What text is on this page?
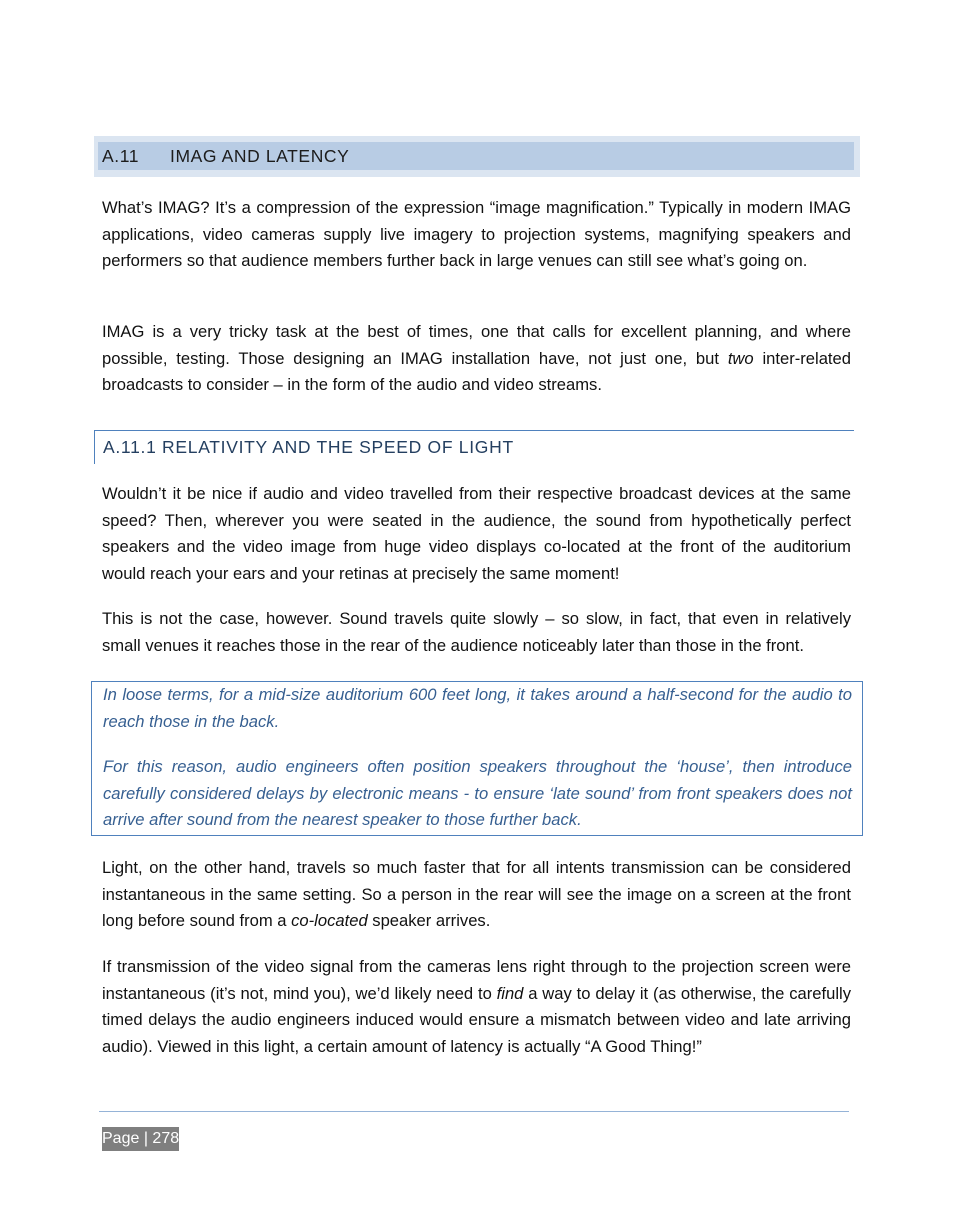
A.11 IMAG AND LATENCY

What’s IMAG? It’s a compression of the expression “image magnification.” Typically in modern IMAG applications, video cameras supply live imagery to projection systems, magnifying speakers and performers so that audience members further back in large venues can still see what’s going on.

IMAG is a very tricky task at the best of times, one that calls for excellent planning, and where possible, testing. Those designing an IMAG installation have, not just one, but two inter-related broadcasts to consider – in the form of the audio and video streams.

A.11.1 RELATIVITY AND THE SPEED OF LIGHT

Wouldn’t it be nice if audio and video travelled from their respective broadcast devices at the same speed? Then, wherever you were seated in the audience, the sound from hypothetically perfect speakers and the video image from huge video displays co-located at the front of the auditorium would reach your ears and your retinas at precisely the same moment!

This is not the case, however. Sound travels quite slowly – so slow, in fact, that even in relatively small venues it reaches those in the rear of the audience noticeably later than those in the front.

In loose terms, for a mid-size auditorium 600 feet long, it takes around a half-second for the audio to reach those in the back.

For this reason, audio engineers often position speakers throughout the ‘house’, then introduce carefully considered delays by electronic means - to ensure ‘late sound’ from front speakers does not arrive after sound from the nearest speaker to those further back.

Light, on the other hand, travels so much faster that for all intents transmission can be considered instantaneous in the same setting. So a person in the rear will see the image on a screen at the front long before sound from a co-located speaker arrives.

If transmission of the video signal from the cameras lens right through to the projection screen were instantaneous (it’s not, mind you), we’d likely need to find a way to delay it (as otherwise, the carefully timed delays the audio engineers induced would ensure a mismatch between video and late arriving audio). Viewed in this light, a certain amount of latency is actually “A Good Thing!”

Page | 278
